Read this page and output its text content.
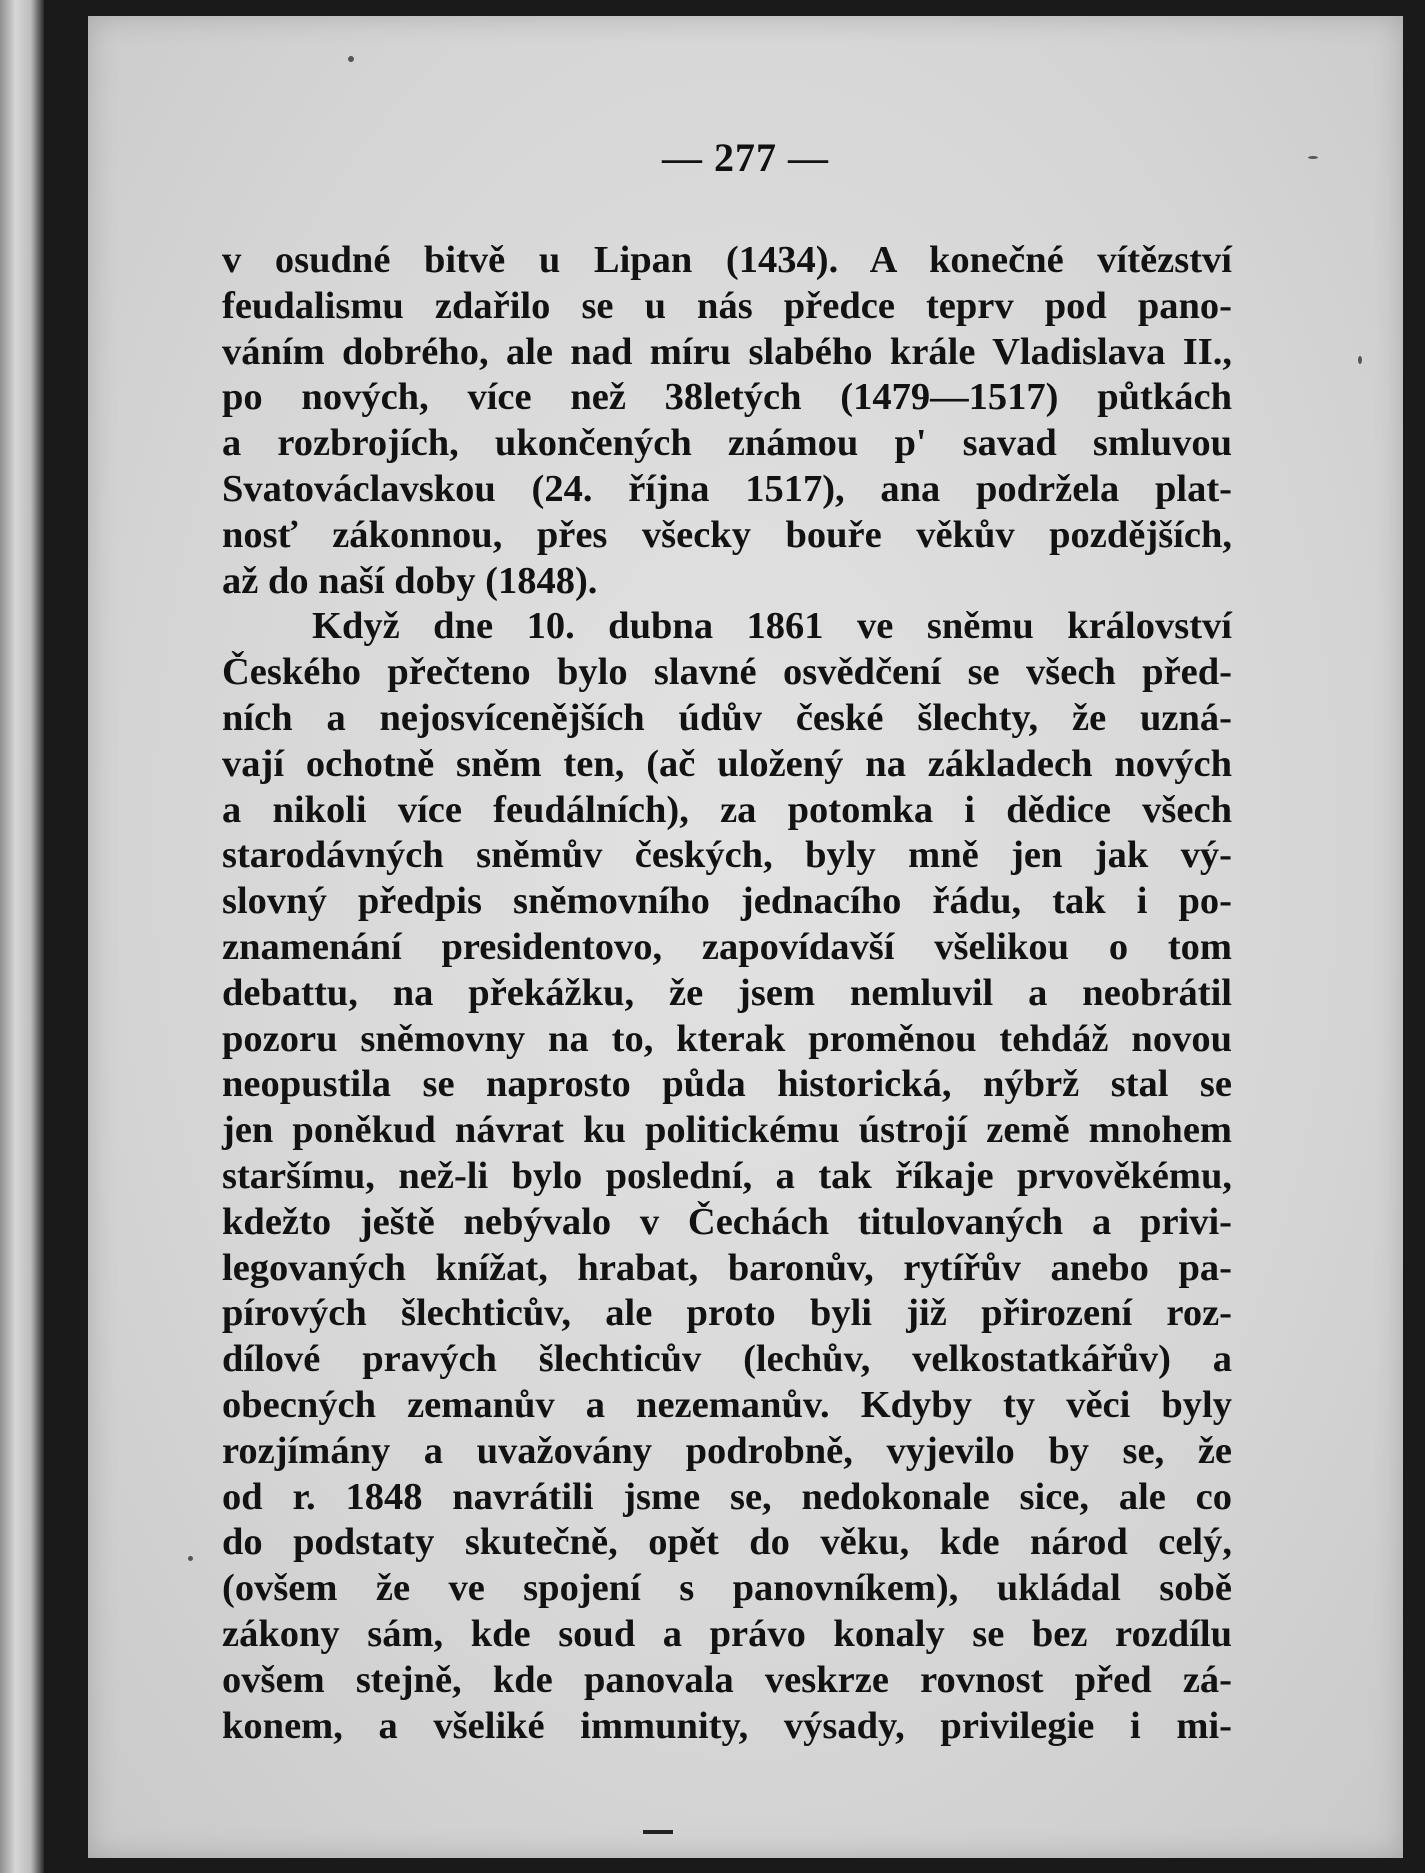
— 277 —
v osudné bitvě u Lipan (1434). A konečné vítězství
feudalismu zdařilo se u nás předce teprv pod pano-
váním dobrého, ale nad míru slabého krále Vladislava II.,
po nových, více než 38letých (1479—1517) půtkách
a rozbrojích, ukončených známou p' savad smluvou
Svatováclavskou (24. října 1517), ana podržela plat-
nosť zákonnou, přes všecky bouře věkův pozdějších,
až do naší doby (1848).
Když dne 10. dubna 1861 ve sněmu království
Českého přečteno bylo slavné osvědčení se všech před-
ních a nejosvícenějších údův české šlechty, že uzná-
vají ochotně sněm ten, (ač uložený na základech nových
a nikoli více feudálních), za potomka i dědice všech
starodávných sněmův českých, byly mně jen jak vý-
slovný předpis sněmovního jednacího řádu, tak i po-
znamenání presidentovo, zapovídavší všelikou o tom
debattu, na překážku, že jsem nemluvil a neobrátil
pozoru sněmovny na to, kterak proměnou tehdáž novou
neopustila se naprosto půda historická, nýbrž stal se
jen poněkud návrat ku politickému ústrojí země mnohem
staršímu, než-li bylo poslední, a tak říkaje prvověkému,
kdežto ještě nebývalo v Čechách titulovaných a privi-
legovaných knížat, hrabat, baronův, rytířův anebo pa-
pírových šlechticův, ale proto byli již přirození roz-
dílové pravých šlechticův (lechův, velkostatkářův) a
obecných zemanův a nezemanův. Kdyby ty věci byly
rozjímány a uvažovány podrobně, vyjevilo by se, že
od r. 1848 navrátili jsme se, nedokonale sice, ale co
do podstaty skutečně, opět do věku, kde národ celý,
(ovšem že ve spojení s panovníkem), ukládal sobě
zákony sám, kde soud a právo konaly se bez rozdílu
ovšem stejně, kde panovala veskrze rovnost před zá-
konem, a všeliké immunity, výsady, privilegie i mi-
